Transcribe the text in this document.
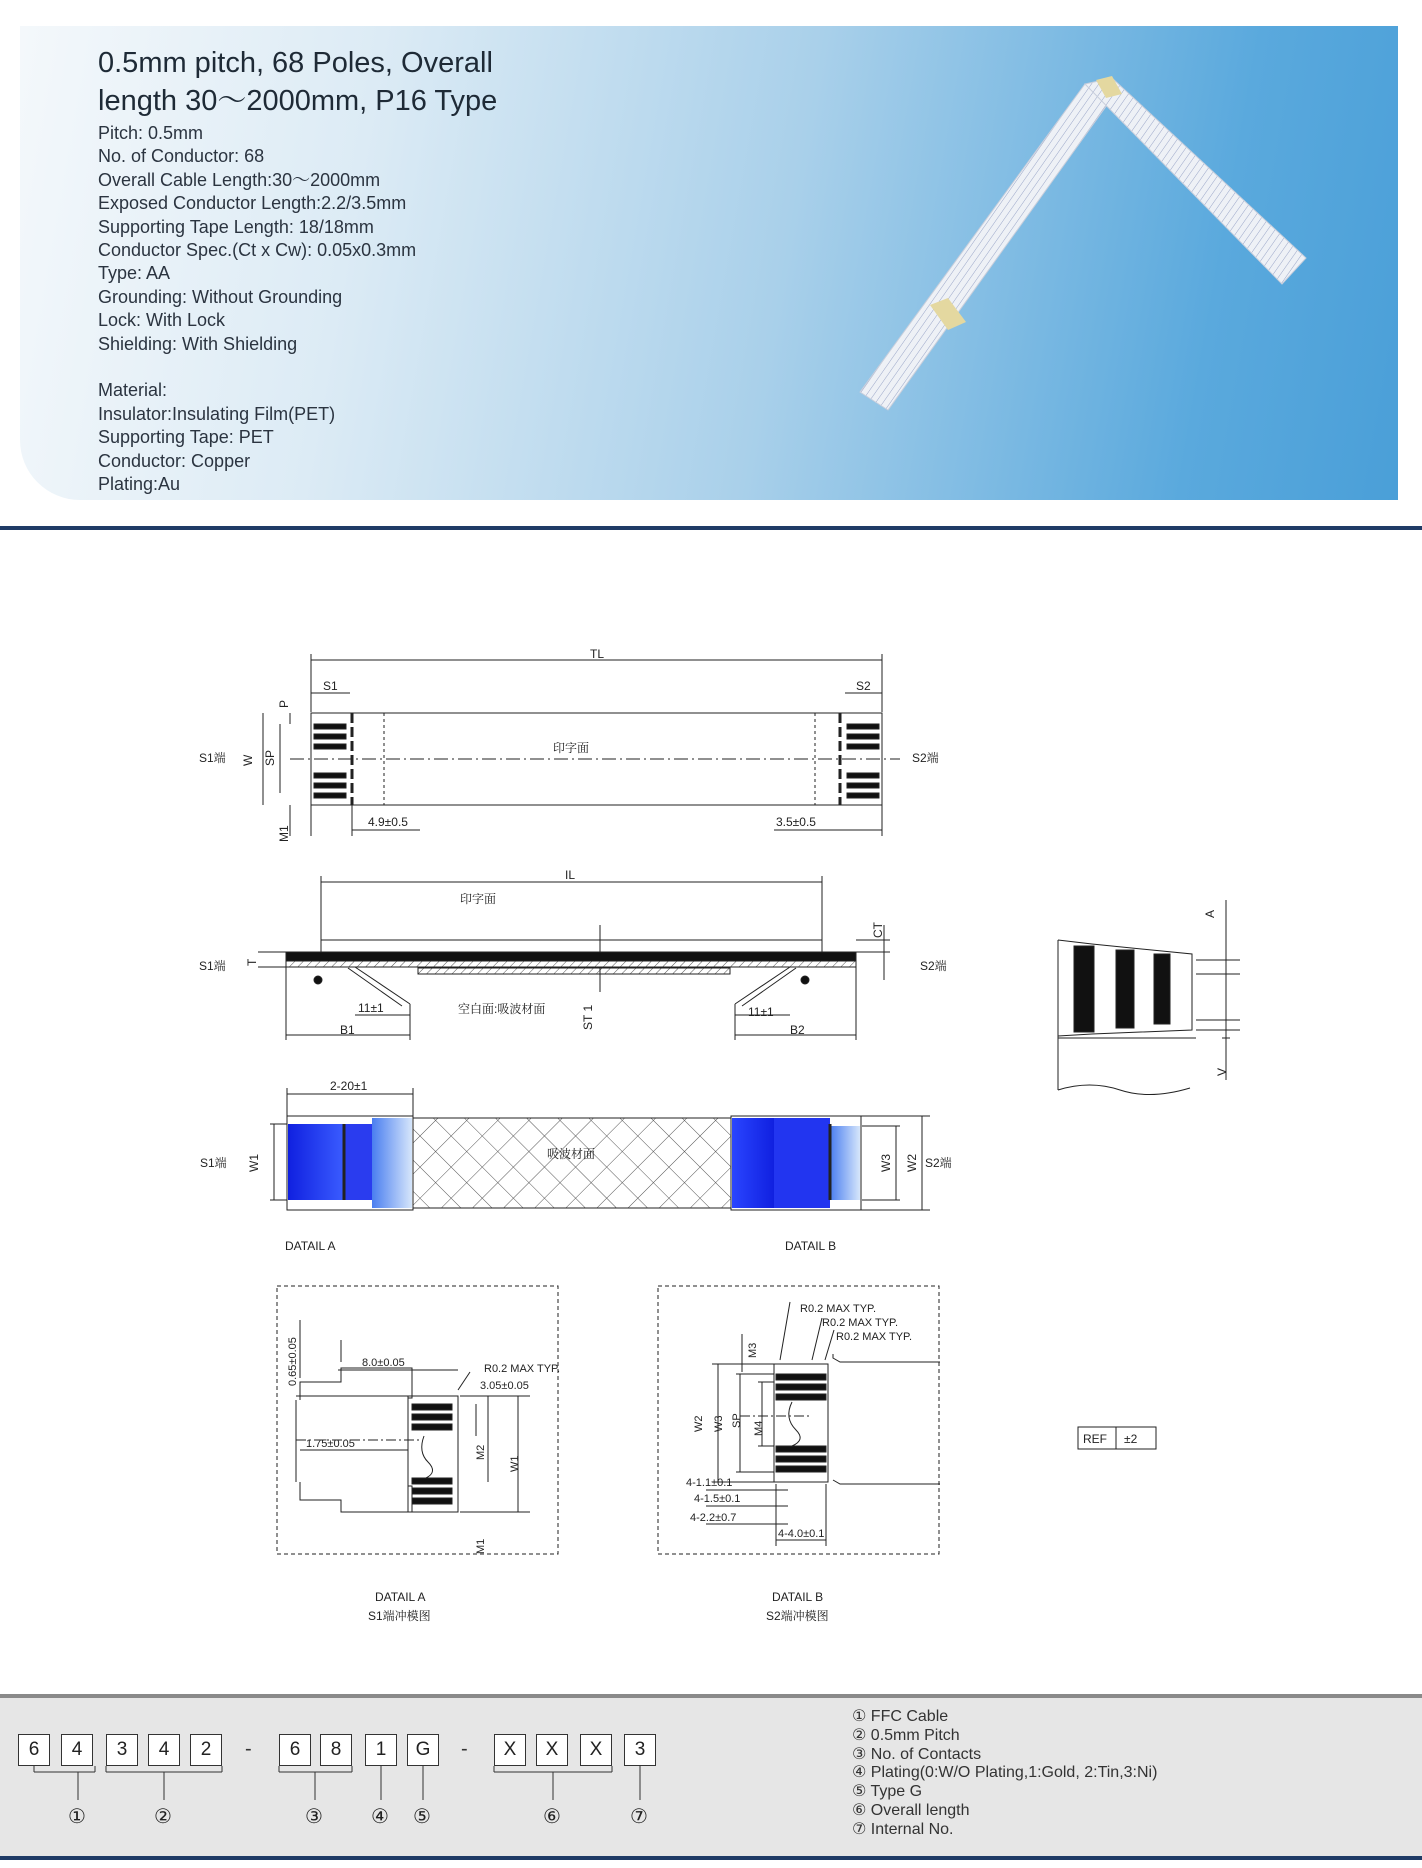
0.5mm pitch, 68 Poles, Overall
length 30～2000mm, P16 Type
Pitch: 0.5mm
No. of Conductor: 68
Overall Cable Length:30～2000mm
Exposed Conductor Length:2.2/3.5mm
Supporting Tape Length: 18/18mm
Conductor Spec.(Ct x Cw): 0.05x0.3mm
Type: AA
Grounding: Without Grounding
Lock: With Lock
Shielding: With Shielding
Material:
Insulator:Insulating Film(PET)
Supporting Tape: PET
Conductor: Copper
Plating:Au
TL
S1	S2
S1端	S2端
印字面
4.9±0.5	3.5±0.5
P
W SP
M1
IL
印字面
S1端	S2端
空白面:吸波材面
11±1	11±1
B1	B2
ST 1
CT
T
2-20±1
S1端	S2端
吸波材面
DATAIL A	DATAIL B
W1	W3 W2
A
V
0.65±0.05	8.0±0.05	R0.2 MAX TYP.
3.05±0.05
1.75±0.05
M2
W1
M1
DATAIL A
S1端冲模图
R0.2 MAX TYP.
R0.2 MAX TYP.
R0.2 MAX TYP.
M3
W2 W3 SP
M4
4-1.1±0.1
4-1.5±0.1
4-2.2±0.7
4-4.0±0.1
DATAIL B
S2端冲模图
REF ±2
6	4	3	4	2	-	6	8	1	G	-	X	X	X	3
①	②	③ ④ ⑤	⑥	⑦
① FFC Cable
② 0.5mm Pitch
③ No. of Contacts
④ Plating(0:W/O Plating,1:Gold, 2:Tin,3:Ni)
⑤ Type G
⑥ Overall length
⑦ Internal No.
